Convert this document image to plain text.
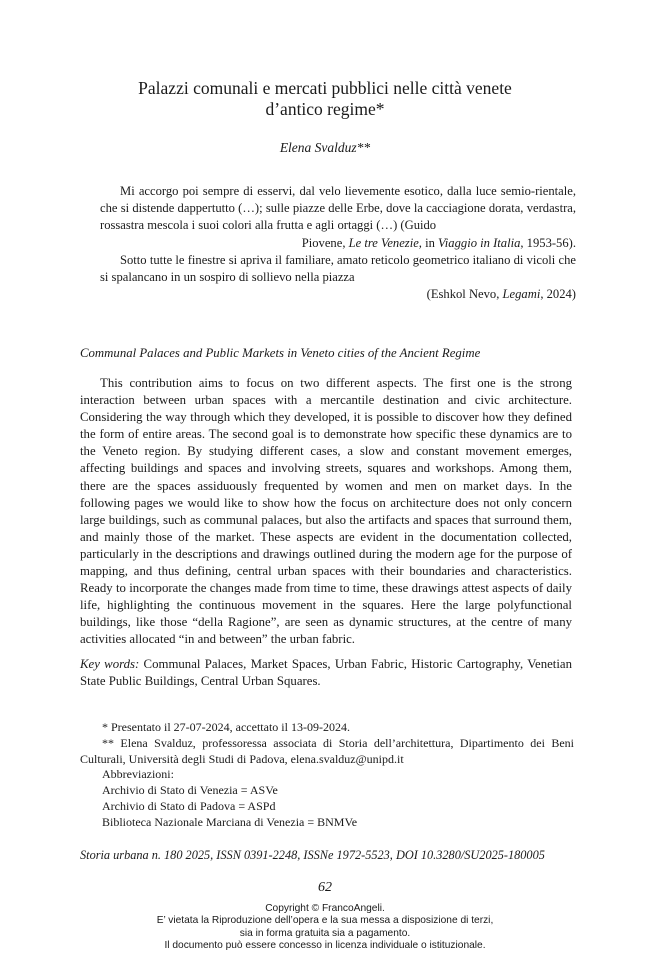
Palazzi comunali e mercati pubblici nelle città venete
d’antico regime*
Elena Svalduz**

Mi accorgo poi sempre di esservi, dal velo lievemente esotico, dalla luce semio-rientale, che si distende dappertutto (…); sulle piazze delle Erbe, dove la cacciagione dorata, verdastra, rossastra mescola i suoi colori alla frutta e agli ortaggi (…) (Guido

Piovene, Le tre Venezie, in Viaggio in Italia, 1953-56).

Sotto tutte le finestre si apriva il familiare, amato reticolo geometrico italiano di vicoli che si spalancano in un sospiro di sollievo nella piazza

(Eshkol Nevo, Legami, 2024)

Communal Palaces and Public Markets in Veneto cities of the Ancient Regime
This contribution aims to focus on two different aspects. The first one is the strong interaction between urban spaces with a mercantile destination and civic architecture. Considering the way through which they developed, it is possible to discover how they defined the form of entire areas. The second goal is to demonstrate how specific these dynamics are to the Veneto region. By studying different cases, a slow and constant movement emerges, affecting buildings and spaces and involving streets, squares and workshops. Among them, there are the spaces assiduously frequented by women and men on market days. In the following pages we would like to show how the focus on architecture does not only concern large buildings, such as communal palaces, but also the artifacts and spaces that surround them, and mainly those of the market. These aspects are evident in the documentation collected, particularly in the descriptions and drawings outlined during the modern age for the purpose of mapping, and thus defining, central urban spaces with their boundaries and characteristics. Ready to incorporate the changes made from time to time, these drawings attest aspects of daily life, highlighting the continuous movement in the squares. Here the large polyfunctional buildings, like those “della Ragione”, are seen as dynamic structures, at the centre of many activities allocated “in and between” the urban fabric.
Key words: Communal Palaces, Market Spaces, Urban Fabric, Historic Cartography, Venetian State Public Buildings, Central Urban Squares.

* Presentato il 27-07-2024, accettato il 13-09-2024.

** Elena Svalduz, professoressa associata di Storia dell’architettura, Dipartimento dei Beni Culturali, Università degli Studi di Padova, elena.svalduz@unipd.it

Abbreviazioni:

Archivio di Stato di Venezia = ASVe

Archivio di Stato di Padova = ASPd

Biblioteca Nazionale Marciana di Venezia = BNMVe

Storia urbana n. 180 2025, ISSN 0391-2248, ISSNe 1972-5523, DOI 10.3280/SU2025-180005
62
Copyright © FrancoAngeli.
E’ vietata la Riproduzione dell’opera e la sua messa a disposizione di terzi,
sia in forma gratuita sia a pagamento.
Il documento può essere concesso in licenza individuale o istituzionale.
